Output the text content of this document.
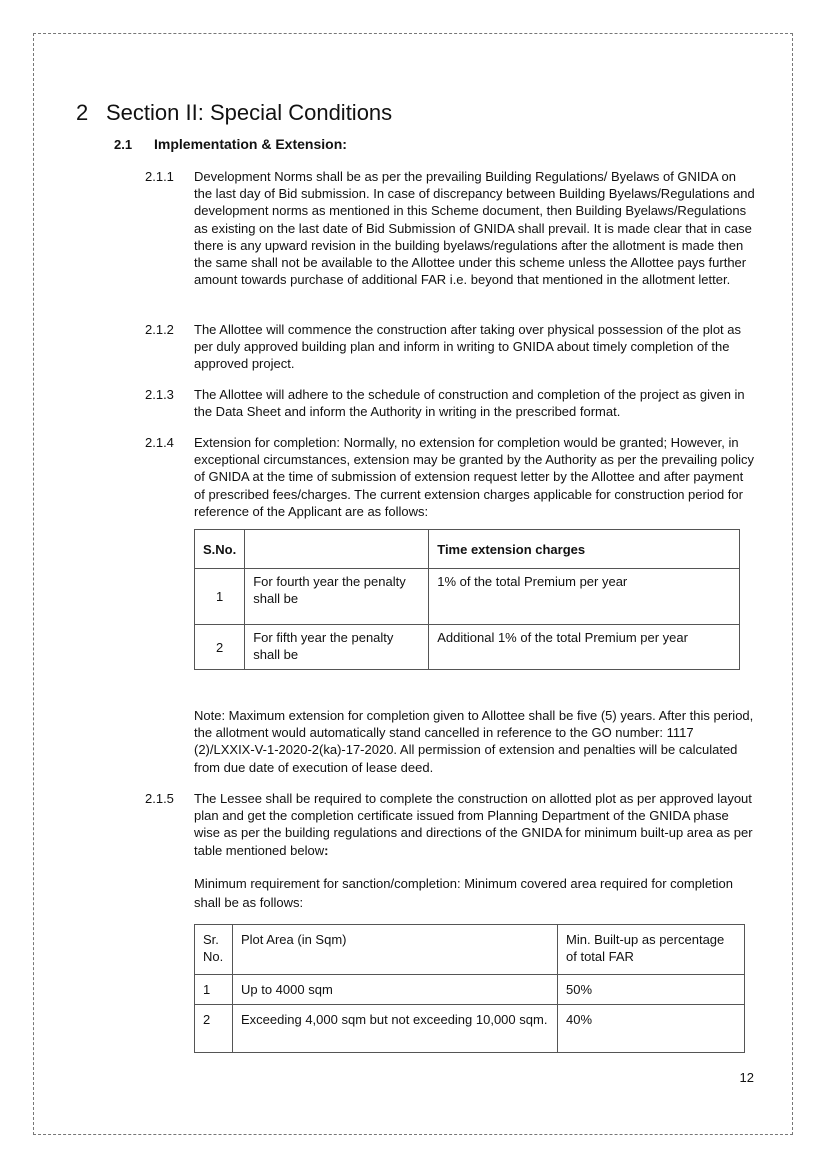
2 Section II: Special Conditions
2.1 Implementation & Extension:
2.1.1	Development Norms shall be as per the prevailing Building Regulations/ Byelaws of GNIDA on the last day of Bid submission. In case of discrepancy between Building Byelaws/Regulations and development norms as mentioned in this Scheme document, then Building Byelaws/Regulations as existing on the last date of Bid Submission of GNIDA shall prevail. It is made clear that in case there is any upward revision in the building byelaws/regulations after the allotment is made then the same shall not be available to the Allottee under this scheme unless the Allottee pays further amount towards purchase of additional FAR i.e. beyond that mentioned in the allotment letter.
2.1.2	The Allottee will commence the construction after taking over physical possession of the plot as per duly approved building plan and inform in writing to GNIDA about timely completion of the approved project.
2.1.3	The Allottee will adhere to the schedule of construction and completion of the project as given in the Data Sheet and inform the Authority in writing in the prescribed format.
2.1.4	Extension for completion: Normally, no extension for completion would be granted; However, in exceptional circumstances, extension may be granted by the Authority as per the prevailing policy of GNIDA at the time of submission of extension request letter by the Allottee and after payment of prescribed fees/charges. The current extension charges applicable for construction period for reference of the Applicant are as follows:
S.No.		Time extension charges
1	For fourth year the penalty shall be	1% of the total Premium per year
2	For fifth year the penalty shall be	Additional 1% of the total Premium per year
Note: Maximum extension for completion given to Allottee shall be five (5) years. After this period, the allotment would automatically stand cancelled in reference to the GO number: 1117 (2)/LXXIX-V-1-2020-2(ka)-17-2020. All permission of extension and penalties will be calculated from due date of execution of lease deed.
2.1.5	The Lessee shall be required to complete the construction on allotted plot as per approved layout plan and get the completion certificate issued from Planning Department of the GNIDA phase wise as per the building regulations and directions of the GNIDA for minimum built-up area as per table mentioned below:
Minimum requirement for sanction/completion: Minimum covered area required for completion shall be as follows:
Sr. No.	Plot Area (in Sqm)	Min. Built-up as percentage of total FAR
1	Up to 4000 sqm	50%
2	Exceeding 4,000 sqm but not exceeding 10,000 sqm.	40%
12
